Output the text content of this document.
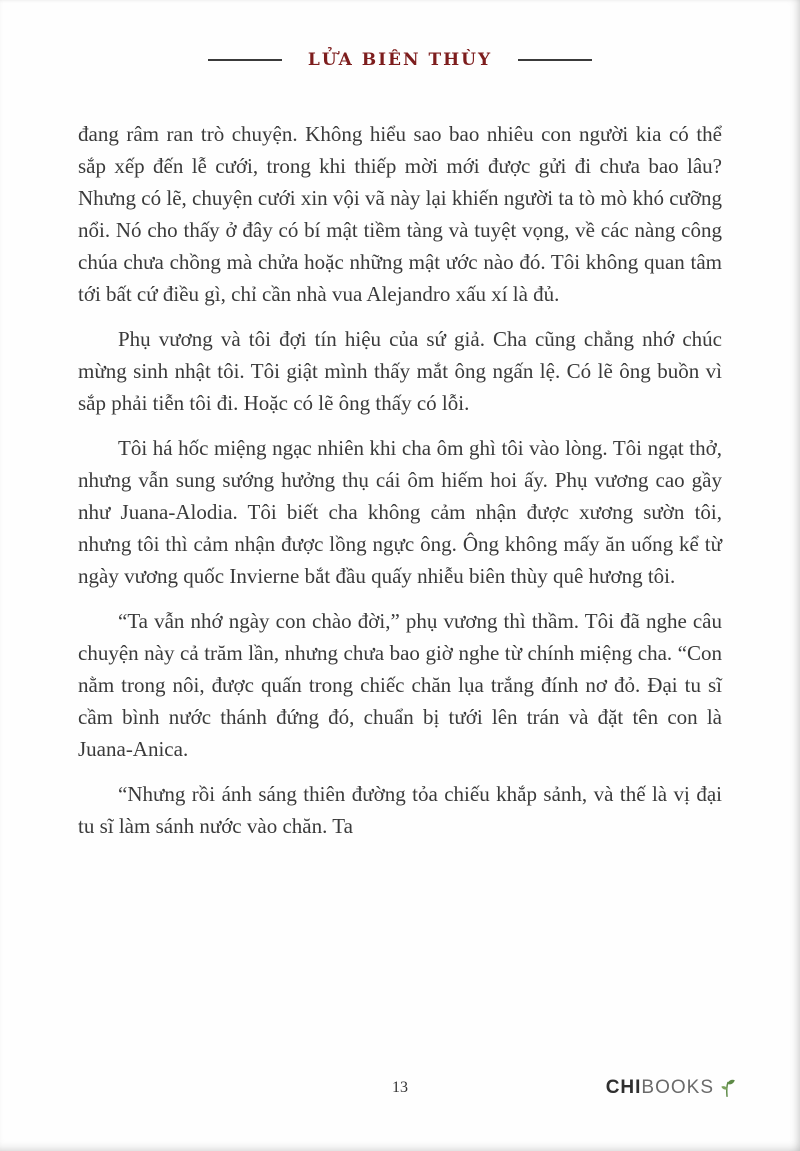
LỬA BIÊN THÙY

đang râm ran trò chuyện. Không hiểu sao bao nhiêu con người kia có thể sắp xếp đến lễ cưới, trong khi thiếp mời mới được gửi đi chưa bao lâu? Nhưng có lẽ, chuyện cưới xin vội vã này lại khiến người ta tò mò khó cưỡng nổi. Nó cho thấy ở đây có bí mật tiềm tàng và tuyệt vọng, về các nàng công chúa chưa chồng mà chửa hoặc những mật ước nào đó. Tôi không quan tâm tới bất cứ điều gì, chỉ cần nhà vua Alejandro xấu xí là đủ.

Phụ vương và tôi đợi tín hiệu của sứ giả. Cha cũng chẳng nhớ chúc mừng sinh nhật tôi. Tôi giật mình thấy mắt ông ngấn lệ. Có lẽ ông buồn vì sắp phải tiễn tôi đi. Hoặc có lẽ ông thấy có lỗi.

Tôi há hốc miệng ngạc nhiên khi cha ôm ghì tôi vào lòng. Tôi ngạt thở, nhưng vẫn sung sướng hưởng thụ cái ôm hiếm hoi ấy. Phụ vương cao gầy như Juana-Alodia. Tôi biết cha không cảm nhận được xương sườn tôi, nhưng tôi thì cảm nhận được lồng ngực ông. Ông không mấy ăn uống kể từ ngày vương quốc Invierne bắt đầu quấy nhiễu biên thùy quê hương tôi.

“Ta vẫn nhớ ngày con chào đời,” phụ vương thì thầm. Tôi đã nghe câu chuyện này cả trăm lần, nhưng chưa bao giờ nghe từ chính miệng cha. “Con nằm trong nôi, được quấn trong chiếc chăn lụa trắng đính nơ đỏ. Đại tu sĩ cầm bình nước thánh đứng đó, chuẩn bị tưới lên trán và đặt tên con là Juana-Anica.

“Nhưng rồi ánh sáng thiên đường tỏa chiếu khắp sảnh, và thế là vị đại tu sĩ làm sánh nước vào chăn. Ta

13	CHI BOOKS
